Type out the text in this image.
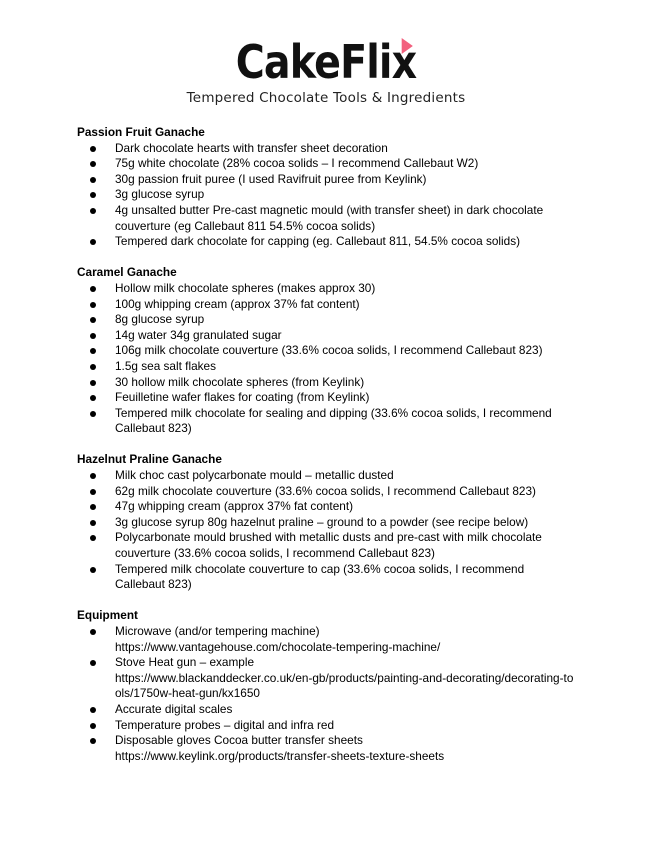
CakeFlix
Tempered Chocolate Tools & Ingredients
Passion Fruit Ganache
Dark chocolate hearts with transfer sheet decoration
75g white chocolate (28% cocoa solids – I recommend Callebaut W2)
30g passion fruit puree (I used Ravifruit puree from Keylink)
3g glucose syrup
4g unsalted butter Pre-cast magnetic mould (with transfer sheet) in dark chocolate couverture (eg Callebaut 811 54.5% cocoa solids)
Tempered dark chocolate for capping (eg. Callebaut 811, 54.5% cocoa solids)
Caramel Ganache
Hollow milk chocolate spheres (makes approx 30)
100g whipping cream (approx 37% fat content)
8g glucose syrup
14g water 34g granulated sugar
106g milk chocolate couverture (33.6% cocoa solids, I recommend Callebaut 823)
1.5g sea salt flakes
30 hollow milk chocolate spheres (from Keylink)
Feuilletine wafer flakes for coating (from Keylink)
Tempered milk chocolate for sealing and dipping (33.6% cocoa solids, I recommend Callebaut 823)
Hazelnut Praline Ganache
Milk choc cast polycarbonate mould – metallic dusted
62g milk chocolate couverture (33.6% cocoa solids, I recommend Callebaut 823)
47g whipping cream (approx 37% fat content)
3g glucose syrup 80g hazelnut praline – ground to a powder (see recipe below)
Polycarbonate mould brushed with metallic dusts and pre-cast with milk chocolate couverture (33.6% cocoa solids, I recommend Callebaut 823)
Tempered milk chocolate couverture to cap (33.6% cocoa solids, I recommend Callebaut 823)
Equipment
Microwave (and/or tempering machine)
https://www.vantagehouse.com/chocolate-tempering-machine/
Stove Heat gun – example
https://www.blackanddecker.co.uk/en-gb/products/painting-and-decorating/decorating-to
ols/1750w-heat-gun/kx1650
Accurate digital scales
Temperature probes – digital and infra red
Disposable gloves Cocoa butter transfer sheets
https://www.keylink.org/products/transfer-sheets-texture-sheets
